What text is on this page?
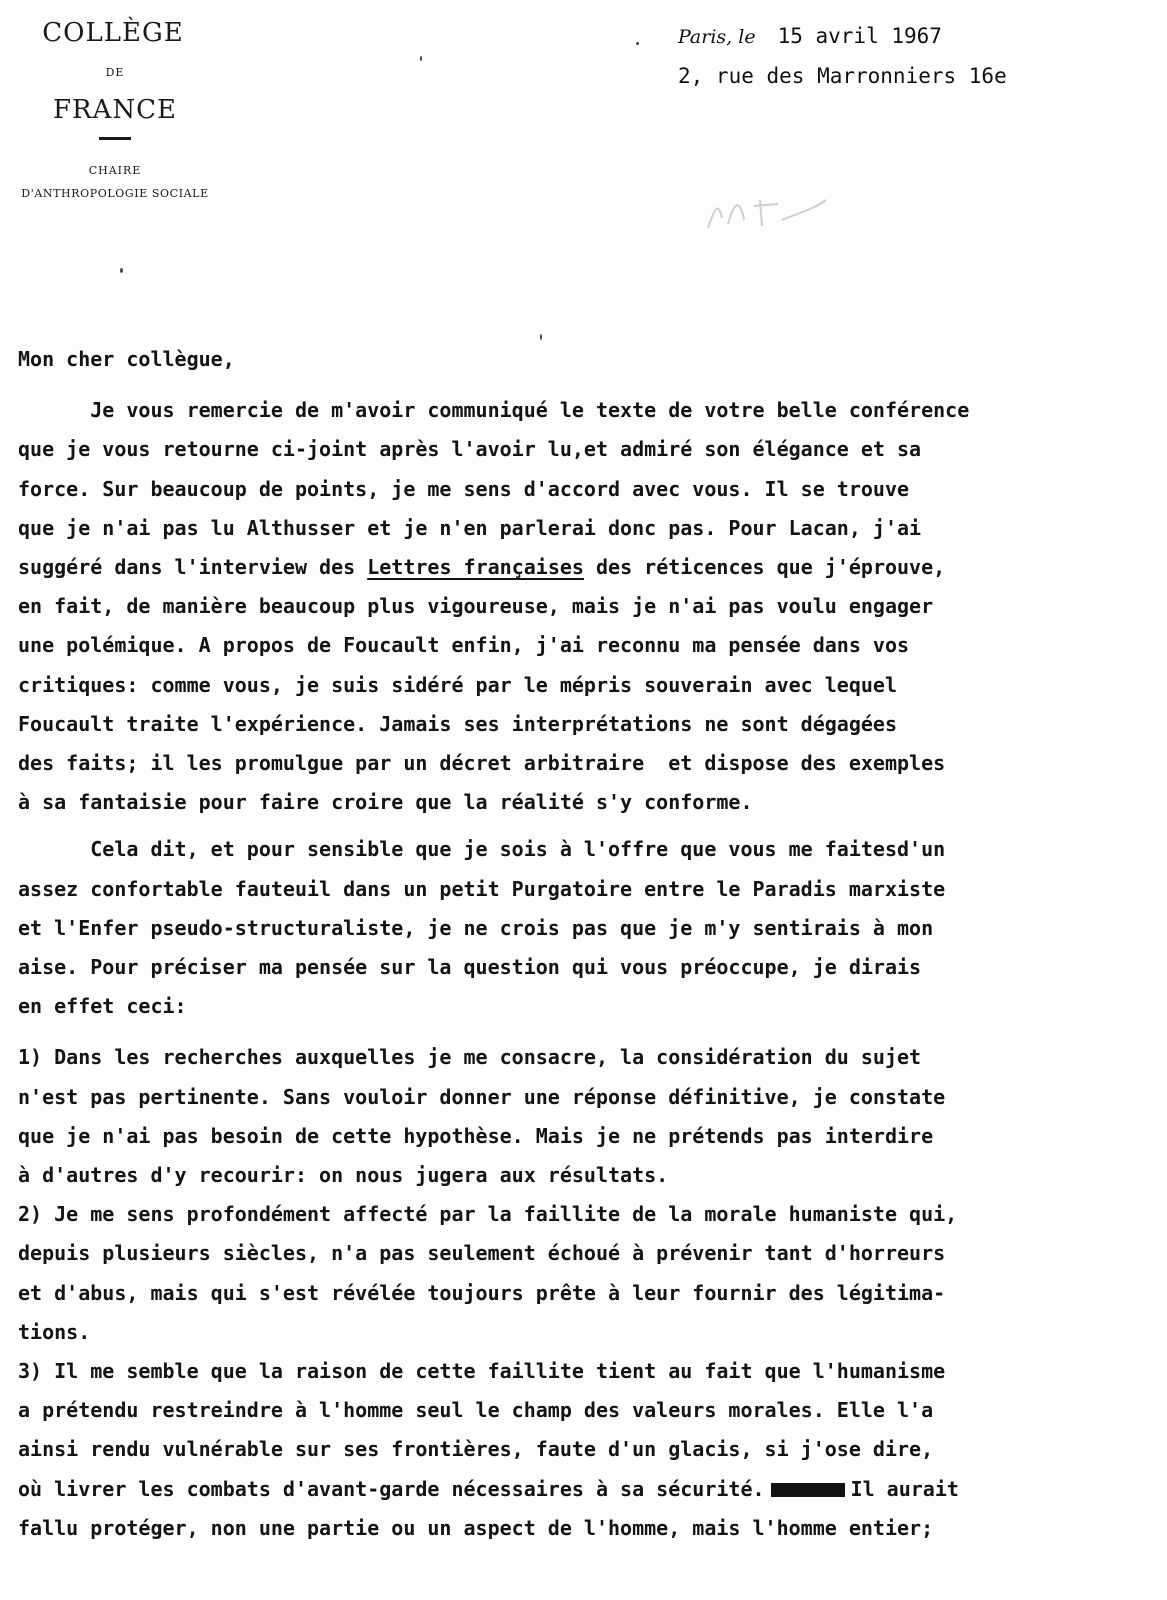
COLLÈGE
DE
FRANCE
CHAIRE
D'ANTHROPOLOGIE SOCIALE
Paris, le 15 avril 1967
2, rue des Marronniers 16e
Mon cher collègue,
Je vous remercie de m'avoir communiqué le texte de votre belle conférence
que je vous retourne ci-joint après l'avoir lu,et admiré son élégance et sa
force. Sur beaucoup de points, je me sens d'accord avec vous. Il se trouve
que je n'ai pas lu Althusser et je n'en parlerai donc pas. Pour Lacan, j'ai
suggéré dans l'interview des Lettres françaises des réticences que j'éprouve,
en fait, de manière beaucoup plus vigoureuse, mais je n'ai pas voulu engager
une polémique. A propos de Foucault enfin, j'ai reconnu ma pensée dans vos
critiques: comme vous, je suis sidéré par le mépris souverain avec lequel
Foucault traite l'expérience. Jamais ses interprétations ne sont dégagées
des faits; il les promulgue par un décret arbitraire  et dispose des exemples
à sa fantaisie pour faire croire que la réalité s'y conforme.
Cela dit, et pour sensible que je sois à l'offre que vous me faitesd'un
assez confortable fauteuil dans un petit Purgatoire entre le Paradis marxiste
et l'Enfer pseudo-structuraliste, je ne crois pas que je m'y sentirais à mon
aise. Pour préciser ma pensée sur la question qui vous préoccupe, je dirais
en effet ceci:
1) Dans les recherches auxquelles je me consacre, la considération du sujet
n'est pas pertinente. Sans vouloir donner une réponse définitive, je constate
que je n'ai pas besoin de cette hypothèse. Mais je ne prétends pas interdire
à d'autres d'y recourir: on nous jugera aux résultats.
2) Je me sens profondément affecté par la faillite de la morale humaniste qui,
depuis plusieurs siècles, n'a pas seulement échoué à prévenir tant d'horreurs
et d'abus, mais qui s'est révélée toujours prête à leur fournir des légitima-
tions.
3) Il me semble que la raison de cette faillite tient au fait que l'humanisme
a prétendu restreindre à l'homme seul le champ des valeurs morales. Elle l'a
ainsi rendu vulnérable sur ses frontières, faute d'un glacis, si j'ose dire,
où livrer les combats d'avant-garde nécessaires à sa sécurité.	Il aurait
fallu protéger, non une partie ou un aspect de l'homme, mais l'homme entier;
